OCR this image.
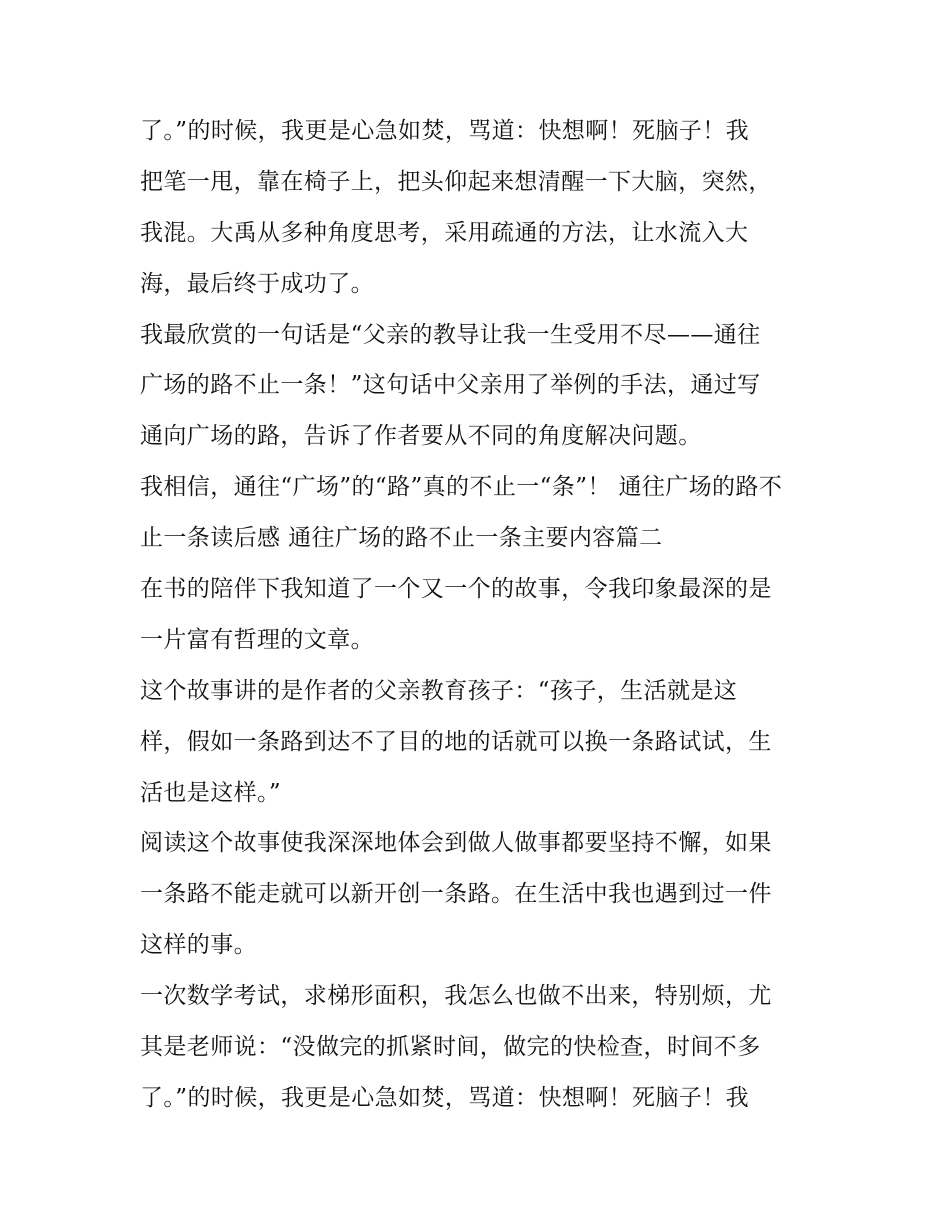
了。”的时候，我更是心急如焚，骂道：快想啊！死脑子！我
把笔一甩，靠在椅子上，把头仰起来想清醒一下大脑，突然，
我混。大禹从多种角度思考，采用疏通的方法，让水流入大
海，最后终于成功了。
我最欣赏的一句话是“父亲的教导让我一生受用不尽——通往
广场的路不止一条！”这句话中父亲用了举例的手法，通过写
通向广场的路，告诉了作者要从不同的角度解决问题。
我相信，通往“广场”的“路”真的不止一“条”！ 通往广场的路不
止一条读后感 通往广场的路不止一条主要内容篇二
在书的陪伴下我知道了一个又一个的故事，令我印象最深的是
一片富有哲理的文章。
这个故事讲的是作者的父亲教育孩子：“孩子，生活就是这
样，假如一条路到达不了目的地的话就可以换一条路试试，生
活也是这样。”
阅读这个故事使我深深地体会到做人做事都要坚持不懈，如果
一条路不能走就可以新开创一条路。在生活中我也遇到过一件
这样的事。
一次数学考试，求梯形面积，我怎么也做不出来，特别烦，尤
其是老师说：“没做完的抓紧时间，做完的快检查，时间不多
了。”的时候，我更是心急如焚，骂道：快想啊！死脑子！我
